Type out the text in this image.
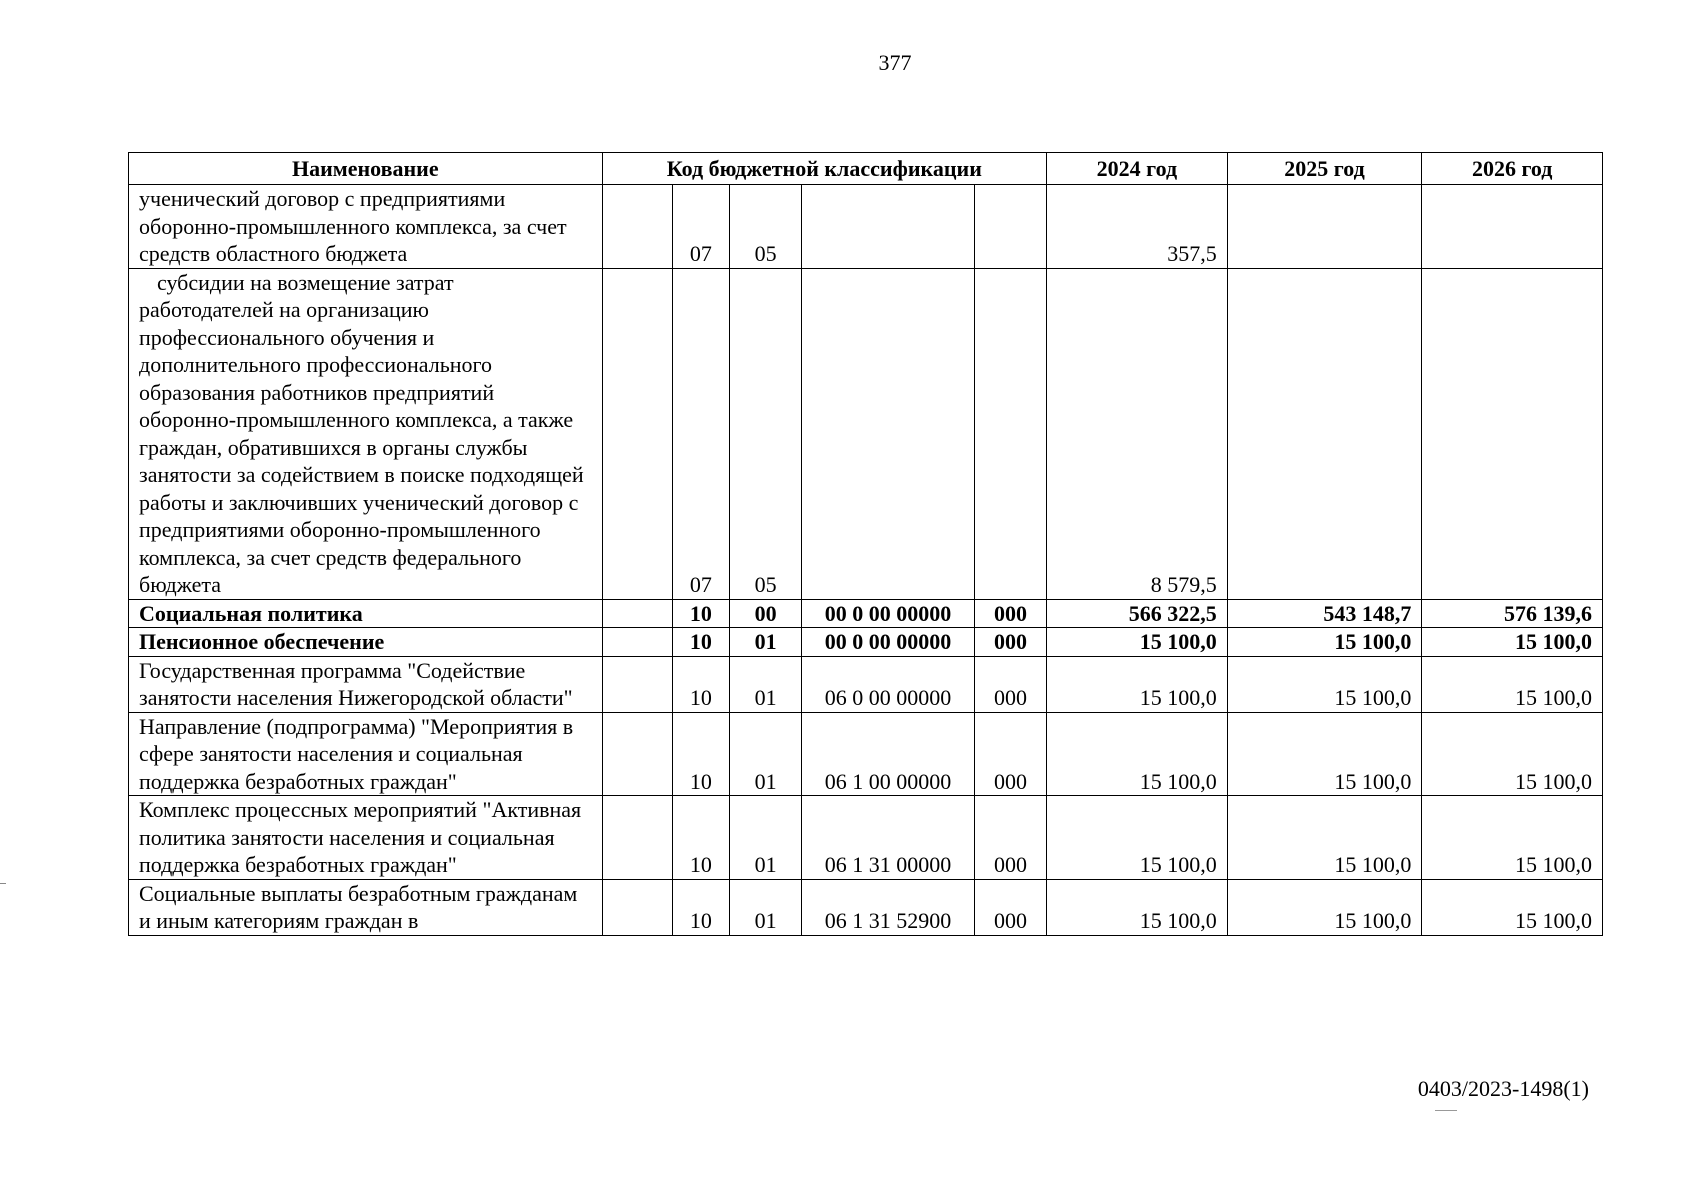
377
Наименование	Код бюджетной классификации					2024 год	2025 год	2026 год
ученический договор с предприятиями оборонно-промышленного комплекса, за счет средств областного бюджета		07	05			357,5		
субсидии на возмещение затрат работодателей на организацию профессионального обучения и дополнительного профессионального образования работников предприятий оборонно-промышленного комплекса, а также граждан, обратившихся в органы службы занятости за содействием в поиске подходящей работы и заключивших ученический договор с предприятиями оборонно-промышленного комплекса, за счет средств федерального бюджета		07	05			8 579,5		
Социальная политика		10	00	00 0 00 00000	000	566 322,5	543 148,7	576 139,6
Пенсионное обеспечение		10	01	00 0 00 00000	000	15 100,0	15 100,0	15 100,0
Государственная программа "Содействие занятости населения Нижегородской области"		10	01	06 0 00 00000	000	15 100,0	15 100,0	15 100,0
Направление (подпрограмма) "Мероприятия в сфере занятости населения и социальная поддержка безработных граждан"		10	01	06 1 00 00000	000	15 100,0	15 100,0	15 100,0
Комплекс процессных мероприятий "Активная политика занятости населения и социальная поддержка безработных граждан"		10	01	06 1 31 00000	000	15 100,0	15 100,0	15 100,0
Социальные выплаты безработным гражданам и иным категориям граждан в		10	01	06 1 31 52900	000	15 100,0	15 100,0	15 100,0
0403/2023-1498(1)
